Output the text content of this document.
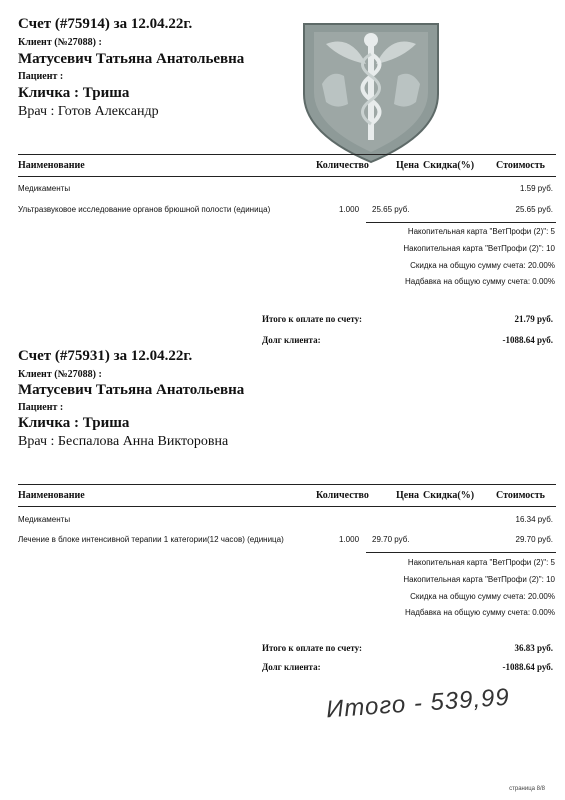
Счет (#75914) за 12.04.22г.
Клиент (№27088) :
Матусевич Татьяна Анатольевна
Пациент :
Кличка : Триша
Врач : Готов Александр
Наименование	Количество	Цена Скидка(%) Стоимость
Медикаменты	1.59 руб.
Ультразвуковое исследование органов брюшной полости (единица)	1.000 25.65 руб.	25.65 руб.
Накопительная карта "ВетПрофи (2)": 5
Накопительная карта "ВетПрофи (2)": 10
Скидка на общую сумму счета: 20.00%
Надбавка на общую сумму счета: 0.00%
Итого к оплате по счету:	21.79 руб.
Долг клиента:	-1088.64 руб.
Счет (#75931) за 12.04.22г.
Клиент (№27088) :
Матусевич Татьяна Анатольевна
Пациент :
Кличка : Триша
Врач : Беспалова Анна Викторовна
Наименование	Количество	Цена Скидка(%) Стоимость
Медикаменты	16.34 руб.
Лечение в блоке интенсивной терапии 1 категории(12 часов) (единица)	1.000 29.70 руб.	29.70 руб.
Накопительная карта "ВетПрофи (2)": 5
Накопительная карта "ВетПрофи (2)": 10
Скидка на общую сумму счета: 20.00%
Надбавка на общую сумму счета: 0.00%
Итого к оплате по счету:	36.83 руб.
Долг клиента:	-1088.64 руб.
Итого - 539,99
страница 8/8
